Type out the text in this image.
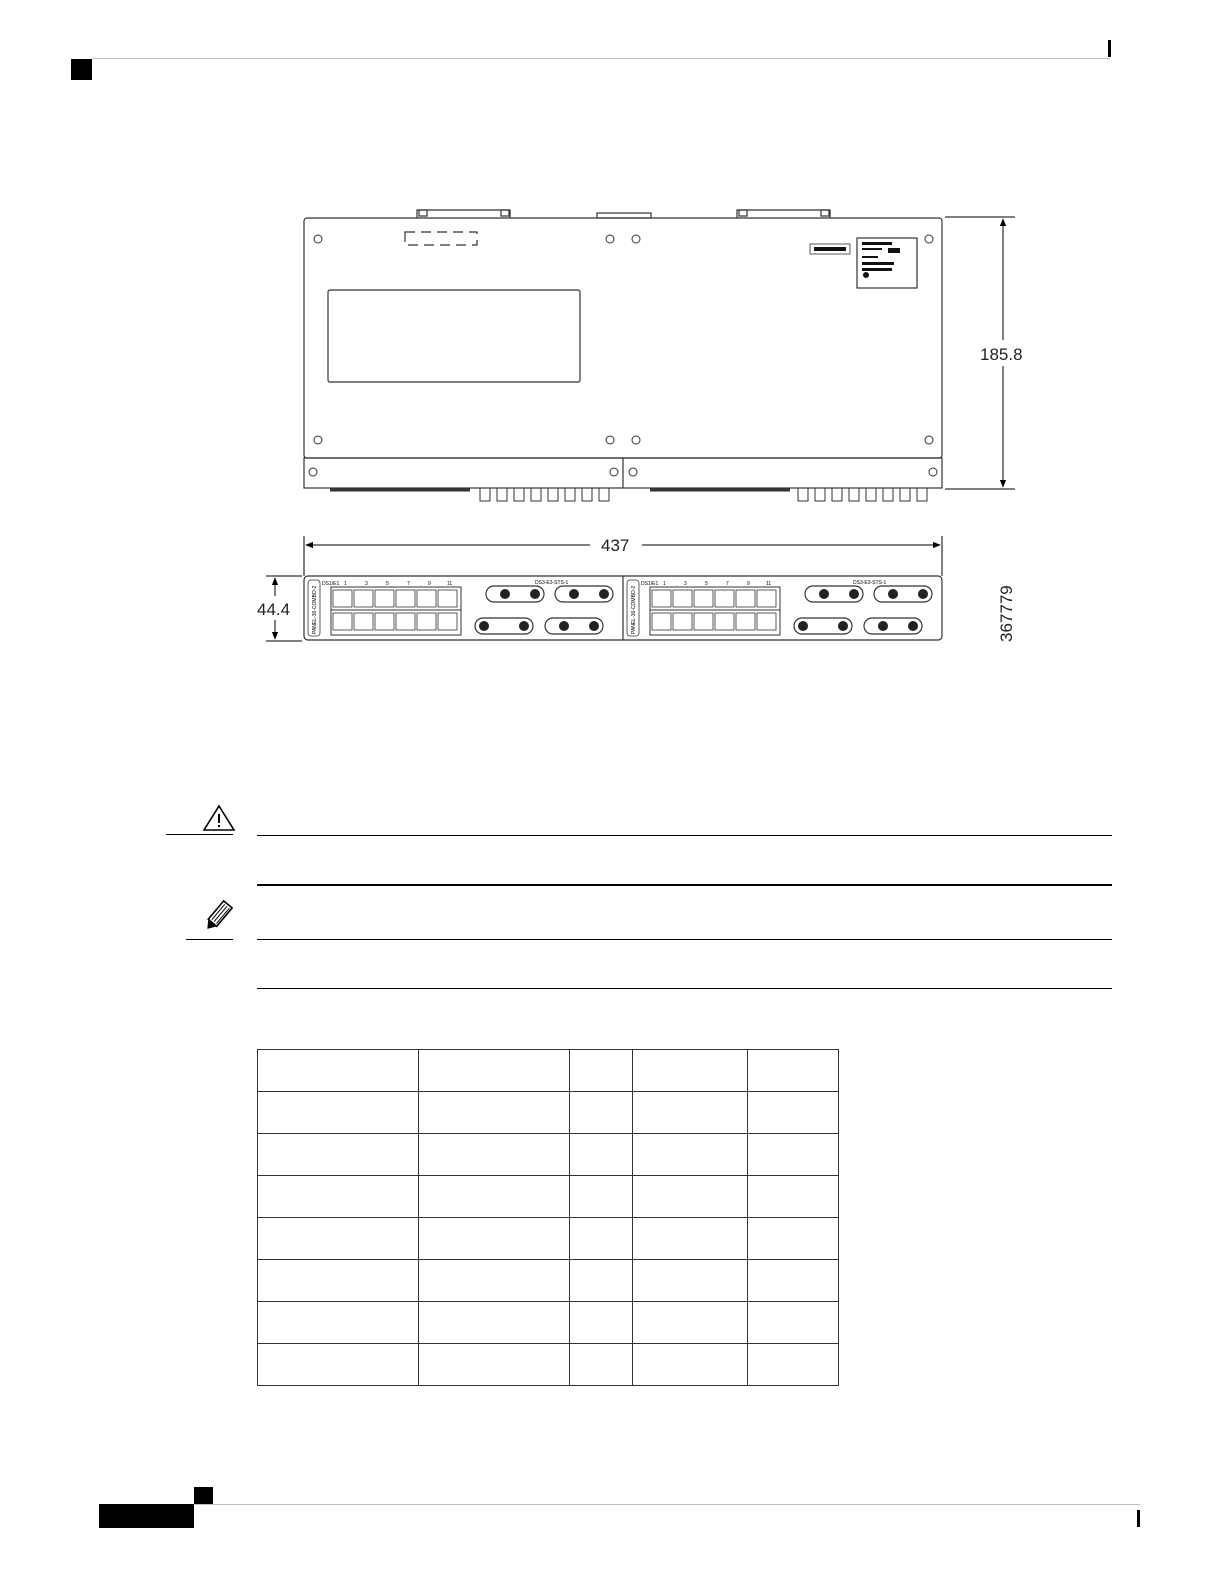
185.8
437
DS1/E1	DS3-E3-STS-1
PANEL-36-COMBO-2
DS1/E1	DS3-E3-STS-1
PANEL-36-COMBO-2
1	3	5	7	9	11	1	3	5	7	9	11
44.4	367779
